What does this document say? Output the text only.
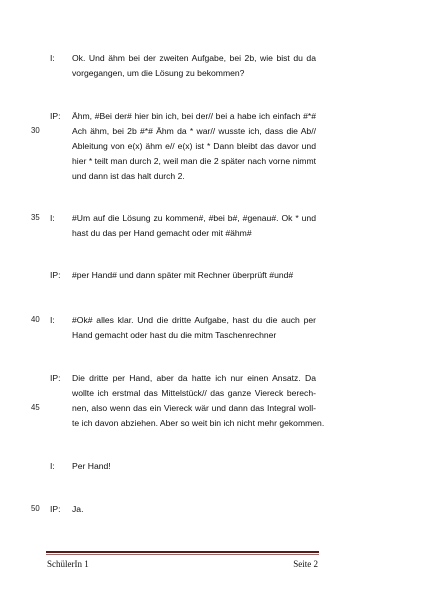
I: Ok. Und ähm bei der zweiten Aufgabe, bei 2b, wie bist du da
vorgegangen, um die Lösung zu bekommen?
IP: Ähm, #Bei der# hier bin ich, bei der// bei a habe ich einfach #*#
Ach ähm, bei 2b #*# Ähm da * war// wusste ich, dass die Ab//
Ableitung von e(x) ähm e// e(x) ist * Dann bleibt das davor und
hier * teilt man durch 2, weil man die 2 später nach vorne nimmt
und dann ist das halt durch 2.
I: #Um auf die Lösung zu kommen#, #bei b#, #genau#. Ok * und
hast du das per Hand gemacht oder mit #ähm#
IP: #per Hand# und dann später mit Rechner überprüft #und#
I: #Ok# alles klar. Und die dritte Aufgabe, hast du die auch per
Hand gemacht oder hast du die mitm Taschenrechner
IP: Die dritte per Hand, aber da hatte ich nur einen Ansatz. Da
wollte ich erstmal das Mittelstück// das ganze Viereck berech-
nen, also wenn das ein Viereck wär und dann das Integral woll-
te ich davon abziehen. Aber so weit bin ich nicht mehr gekommen.
I: Per Hand!
IP: Ja.
30
35
40
45
50
SchülerIn 1	Seite 2
